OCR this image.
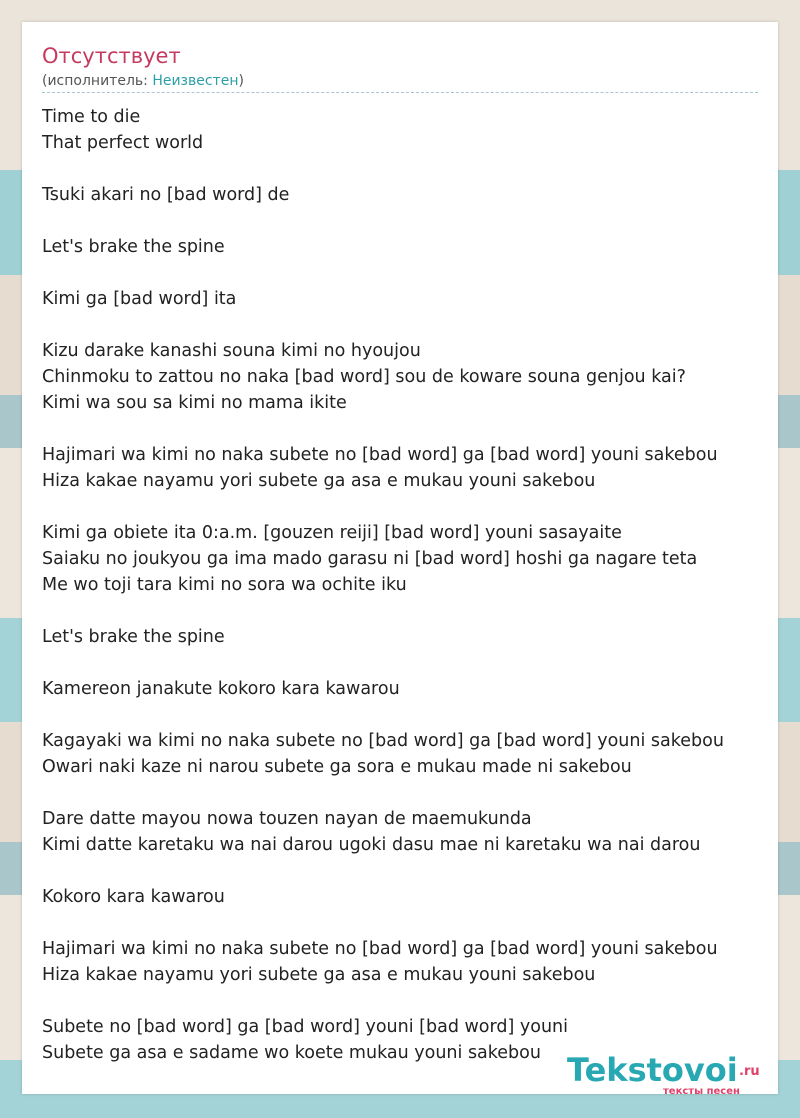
Отсутствует
(исполнитель: Неизвестен)
Time to die
That perfect world
Tsuki akari no [bad word] de
Let's brake the spine
Kimi ga [bad word] ita
Kizu darake kanashi souna kimi no hyoujou
Chinmoku to zattou no naka [bad word] sou de koware souna genjou kai?
Kimi wa sou sa kimi no mama ikite
Hajimari wa kimi no naka subete no [bad word] ga [bad word] youni sakebou
Hiza kakae nayamu yori subete ga asa e mukau youni sakebou
Kimi ga obiete ita 0:a.m. [gouzen reiji] [bad word] youni sasayaite
Saiaku no joukyou ga ima mado garasu ni [bad word] hoshi ga nagare teta
Me wo toji tara kimi no sora wa ochite iku
Let's brake the spine
Kamereon janakute kokoro kara kawarou
Kagayaki wa kimi no naka subete no [bad word] ga [bad word] youni sakebou
Owari naki kaze ni narou subete ga sora e mukau made ni sakebou
Dare datte mayou nowa touzen nayan de maemukunda
Kimi datte karetaku wa nai darou ugoki dasu mae ni karetaku wa nai darou
Kokoro kara kawarou
Hajimari wa kimi no naka subete no [bad word] ga [bad word] youni sakebou
Hiza kakae nayamu yori subete ga asa e mukau youni sakebou
Subete no [bad word] ga [bad word] youni [bad word] youni
Subete ga asa e sadame wo koete mukau youni sakebou Tekstovoi .ru
тексты песен
